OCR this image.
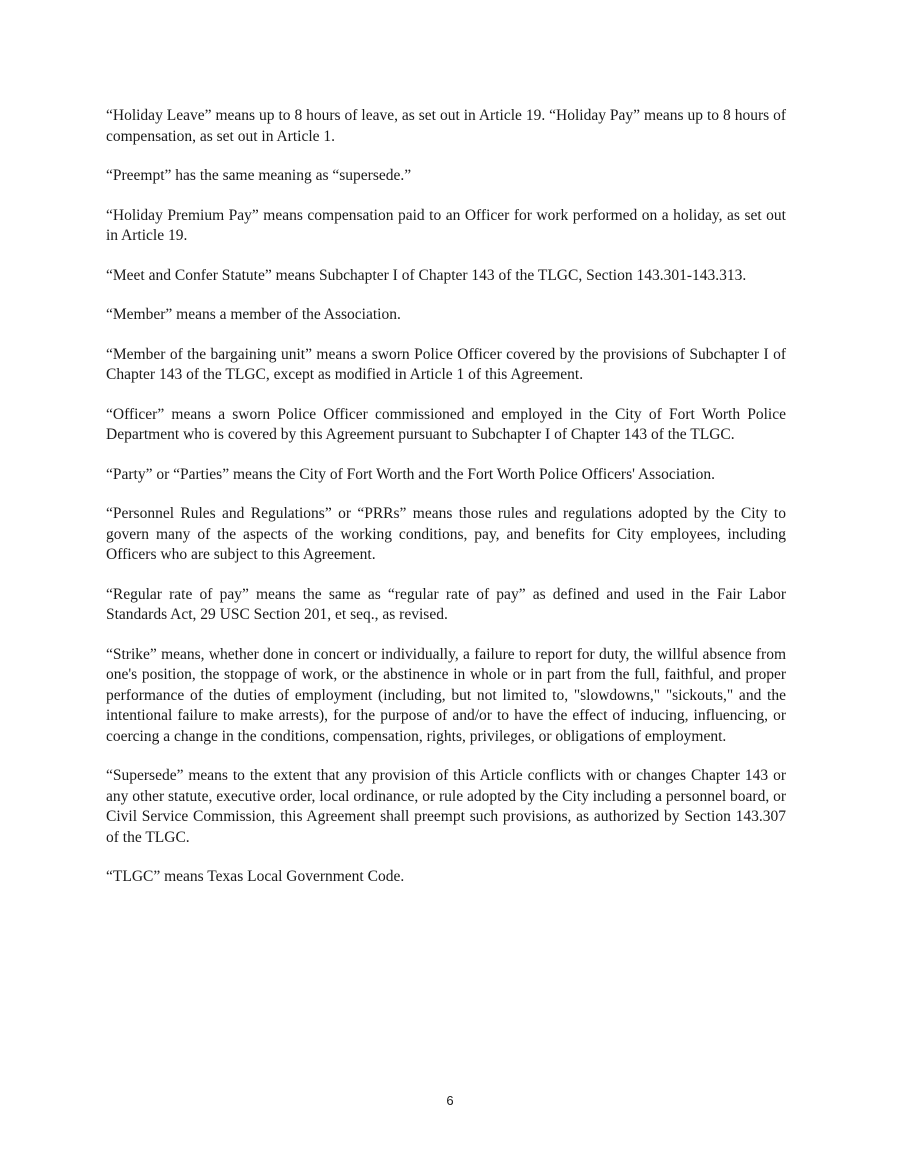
“Holiday Leave” means up to 8 hours of leave, as set out in Article 19. “Holiday Pay” means up to 8 hours of compensation, as set out in Article 1.

“Preempt” has the same meaning as “supersede.”

“Holiday Premium Pay” means compensation paid to an Officer for work performed on a holiday, as set out in Article 19.

“Meet and Confer Statute” means Subchapter I of Chapter 143 of the TLGC, Section 143.301-143.313.

“Member” means a member of the Association.

“Member of the bargaining unit” means a sworn Police Officer covered by the provisions of Subchapter I of Chapter 143 of the TLGC, except as modified in Article 1 of this Agreement.

“Officer” means a sworn Police Officer commissioned and employed in the City of Fort Worth Police Department who is covered by this Agreement pursuant to Subchapter I of Chapter 143 of the TLGC.

“Party” or “Parties” means the City of Fort Worth and the Fort Worth Police Officers' Association.

“Personnel Rules and Regulations” or “PRRs” means those rules and regulations adopted by the City to govern many of the aspects of the working conditions, pay, and benefits for City employees, including Officers who are subject to this Agreement.

“Regular rate of pay” means the same as “regular rate of pay” as defined and used in the Fair Labor Standards Act, 29 USC Section 201, et seq., as revised.

“Strike” means, whether done in concert or individually, a failure to report for duty, the willful absence from one's position, the stoppage of work, or the abstinence in whole or in part from the full, faithful, and proper performance of the duties of employment (including, but not limited to, "slowdowns," "sickouts," and the intentional failure to make arrests), for the purpose of and/or to have the effect of inducing, influencing, or coercing a change in the conditions, compensation, rights, privileges, or obligations of employment.

“Supersede” means to the extent that any provision of this Article conflicts with or changes Chapter 143 or any other statute, executive order, local ordinance, or rule adopted by the City including a personnel board, or Civil Service Commission, this Agreement shall preempt such provisions, as authorized by Section 143.307 of the TLGC.

“TLGC” means Texas Local Government Code.

6
